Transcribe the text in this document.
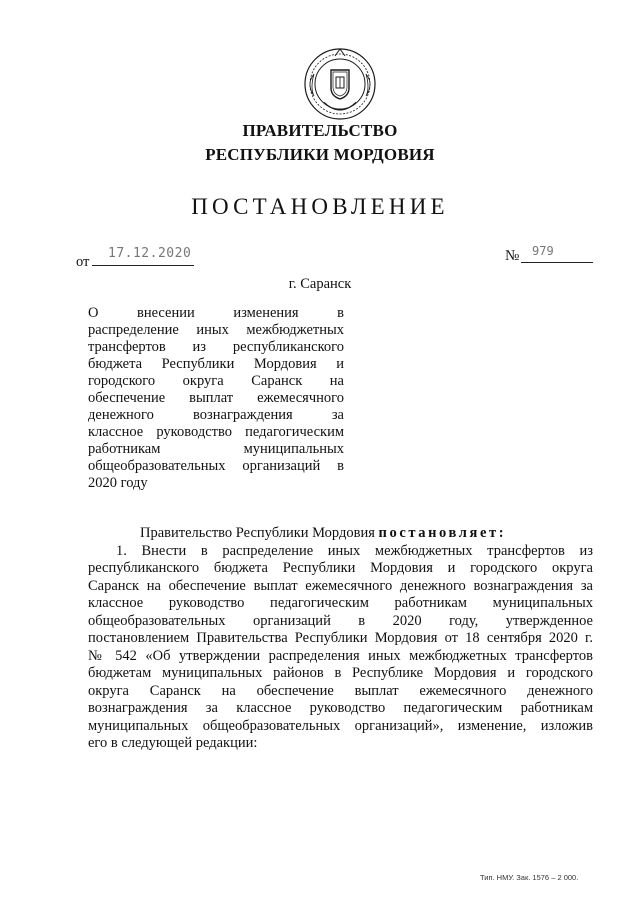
ПРАВИТЕЛЬСТВО
РЕСПУБЛИКИ МОРДОВИЯ
ПОСТАНОВЛЕНИЕ
от
17.12.2020	№ 979
г. Саранск
О внесении изменения в
распределение иных межбюджетных
трансфертов из республиканского
бюджета Республики Мордовия и
городского округа Саранск на
обеспечение выплат ежемесячного
денежного вознаграждения за
классное руководство педагогическим
работникам муниципальных
общеобразовательных организаций в
2020 году
Правительство Республики Мордовия постановляет:
1. Внести в распределение иных межбюджетных трансфертов из
республиканского бюджета Республики Мордовия и городского округа
Саранск на обеспечение выплат ежемесячного денежного вознаграждения за
классное руководство педагогическим работникам муниципальных
общеобразовательных организаций в 2020 году, утвержденное
постановлением Правительства Республики Мордовия от 18 сентября 2020 г.
№ 542 «Об утверждении распределения иных межбюджетных трансфертов
бюджетам муниципальных районов в Республике Мордовия и городского
округа Саранск на обеспечение выплат ежемесячного денежного
вознаграждения за классное руководство педагогическим работникам
муниципальных общеобразовательных организаций», изменение, изложив
его в следующей редакции:
Тип. НМУ. Зак. 1576 – 2 000.
